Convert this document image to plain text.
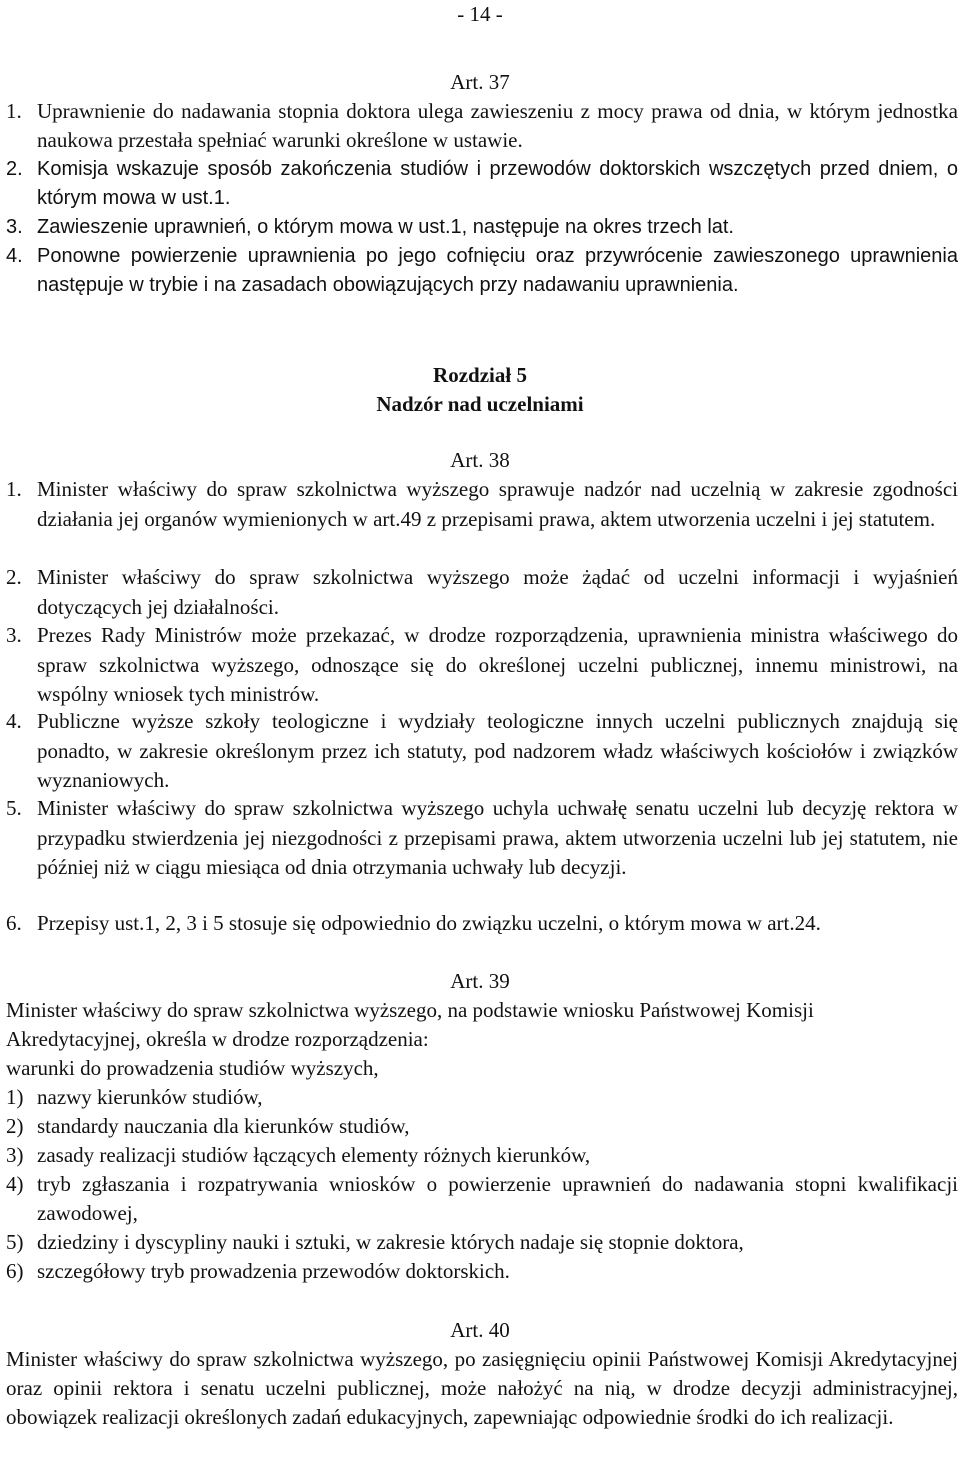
- 14 -
Art. 37
1. Uprawnienie do nadawania stopnia doktora ulega zawieszeniu z mocy prawa od dnia, w którym jednostka naukowa przestała spełniać warunki określone w ustawie.
2. Komisja wskazuje sposób zakończenia studiów i przewodów doktorskich wszczętych przed dniem, o którym mowa w ust.1.
3. Zawieszenie uprawnień, o którym mowa w ust.1, następuje na okres trzech lat.
4. Ponowne powierzenie uprawnienia po jego cofnięciu oraz przywrócenie zawieszonego uprawnienia następuje w trybie i na zasadach obowiązujących przy nadawaniu uprawnienia.
Rozdział 5
Nadzór nad uczelniami
Art. 38
1. Minister właściwy do spraw szkolnictwa wyższego sprawuje nadzór nad uczelnią w zakresie zgodności działania jej organów wymienionych w art.49 z przepisami prawa, aktem utworzenia uczelni i jej statutem.
2. Minister właściwy do spraw szkolnictwa wyższego może żądać od uczelni informacji i wyjaśnień dotyczących jej działalności.
3. Prezes Rady Ministrów może przekazać, w drodze rozporządzenia, uprawnienia ministra właściwego do spraw szkolnictwa wyższego, odnoszące się do określonej uczelni publicznej, innemu ministrowi, na wspólny wniosek tych ministrów.
4. Publiczne wyższe szkoły teologiczne i wydziały teologiczne innych uczelni publicznych znajdują się ponadto, w zakresie określonym przez ich statuty, pod nadzorem władz właściwych kościołów i związków wyznaniowych.
5. Minister właściwy do spraw szkolnictwa wyższego uchyla uchwałę senatu uczelni lub decyzję rektora w przypadku stwierdzenia jej niezgodności z przepisami prawa, aktem utworzenia uczelni lub jej statutem, nie później niż w ciągu miesiąca od dnia otrzymania uchwały lub decyzji.
6. Przepisy ust.1, 2, 3 i 5 stosuje się odpowiednio do związku uczelni, o którym mowa w art.24.
Art. 39
Minister właściwy do spraw szkolnictwa wyższego, na podstawie wniosku Państwowej Komisji Akredytacyjnej, określa w drodze rozporządzenia:
warunki do prowadzenia studiów wyższych,
1) nazwy kierunków studiów,
2) standardy nauczania dla kierunków studiów,
3) zasady realizacji studiów łączących elementy różnych kierunków,
4) tryb zgłaszania i rozpatrywania wniosków o powierzenie uprawnień do nadawania stopni kwalifikacji zawodowej,
5) dziedziny i dyscypliny nauki i sztuki, w zakresie których nadaje się stopnie doktora,
6) szczegółowy tryb prowadzenia przewodów doktorskich.
Art. 40
Minister właściwy do spraw szkolnictwa wyższego, po zasięgnięciu opinii Państwowej Komisji Akredytacyjnej oraz opinii rektora i senatu uczelni publicznej, może nałożyć na nią, w drodze decyzji administracyjnej, obowiązek realizacji określonych zadań edukacyjnych, zapewniając odpowiednie środki do ich realizacji.
